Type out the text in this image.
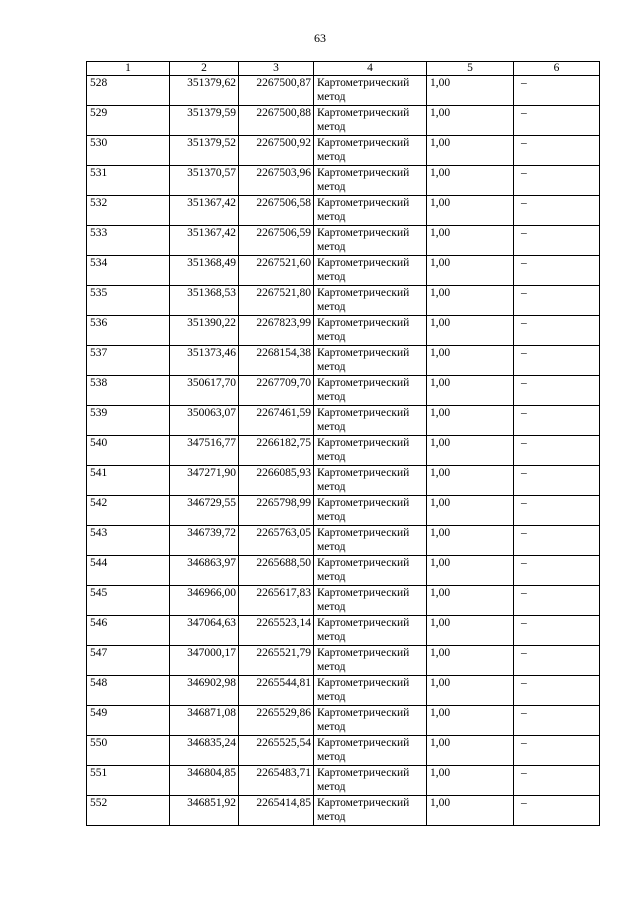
63
1	2	3	4	5	6
528	351379,62	2267500,87	Картометрический метод	1,00	–
529	351379,59	2267500,88	Картометрический метод	1,00	–
530	351379,52	2267500,92	Картометрический метод	1,00	–
531	351370,57	2267503,96	Картометрический метод	1,00	–
532	351367,42	2267506,58	Картометрический метод	1,00	–
533	351367,42	2267506,59	Картометрический метод	1,00	–
534	351368,49	2267521,60	Картометрический метод	1,00	–
535	351368,53	2267521,80	Картометрический метод	1,00	–
536	351390,22	2267823,99	Картометрический метод	1,00	–
537	351373,46	2268154,38	Картометрический метод	1,00	–
538	350617,70	2267709,70	Картометрический метод	1,00	–
539	350063,07	2267461,59	Картометрический метод	1,00	–
540	347516,77	2266182,75	Картометрический метод	1,00	–
541	347271,90	2266085,93	Картометрический метод	1,00	–
542	346729,55	2265798,99	Картометрический метод	1,00	–
543	346739,72	2265763,05	Картометрический метод	1,00	–
544	346863,97	2265688,50	Картометрический метод	1,00	–
545	346966,00	2265617,83	Картометрический метод	1,00	–
546	347064,63	2265523,14	Картометрический метод	1,00	–
547	347000,17	2265521,79	Картометрический метод	1,00	–
548	346902,98	2265544,81	Картометрический метод	1,00	–
549	346871,08	2265529,86	Картометрический метод	1,00	–
550	346835,24	2265525,54	Картометрический метод	1,00	–
551	346804,85	2265483,71	Картометрический метод	1,00	–
552	346851,92	2265414,85	Картометрический метод	1,00	–
